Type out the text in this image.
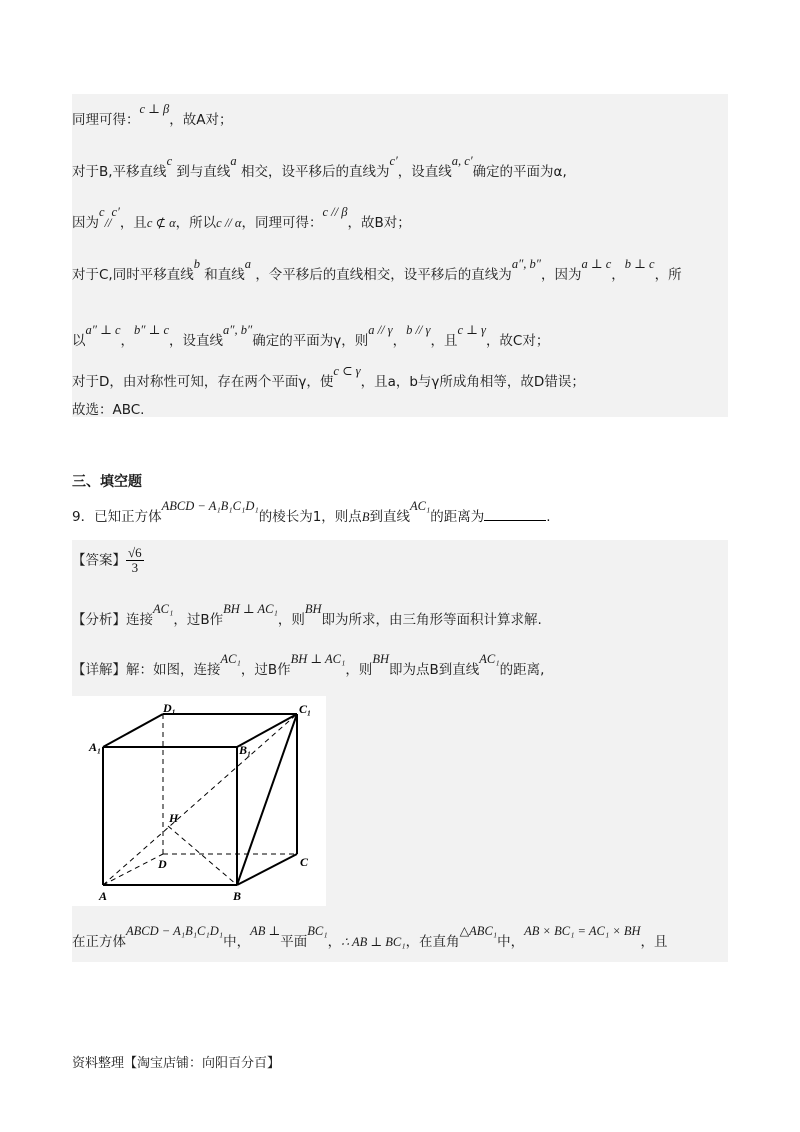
同理可得：c ⊥ β，故A对；
对于B,平移直线c 到与直线a 相交，设平移后的直线为c′，设直线a, c′确定的平面为α,
因为c//c′，且c ⊄ α，所以c // α，同理可得：c // β，故B对；
对于C,同时平移直线b 和直线a ，令平移后的直线相交，设平移后的直线为a″, b″，因为a ⊥ c，b ⊥ c，所
以a″ ⊥ c，b″ ⊥ c，设直线a″, b″确定的平面为γ，则a // γ，b // γ，且c ⊥ γ，故C对；
对于D，由对称性可知，存在两个平面γ，使c ⊂ γ，且a，b与γ所成角相等，故D错误；
故选：ABC.
三、填空题
9．已知正方体ABCD − A₁B₁C₁D₁的棱长为1，则点B到直线AC₁的距离为	.
【答案】 $\frac{√6}{3}$
【分析】连接AC₁，过B作BH ⊥ AC₁，则BH即为所求，由三角形等面积计算求解.
【详解】解：如图，连接AC₁，过B作BH ⊥ AC₁，则BH即为点B到直线AC₁的距离,
在正方体ABCD − A₁B₁C₁D₁中，AB ⊥平面BC₁，∴ AB ⊥ BC₁，在直角△ABC₁中，AB × BC₁ = AC₁ × BH，且
D₁	C₁
A₁	B₁
H
D	C
A	B
资料整理【淘宝店铺：向阳百分百】
